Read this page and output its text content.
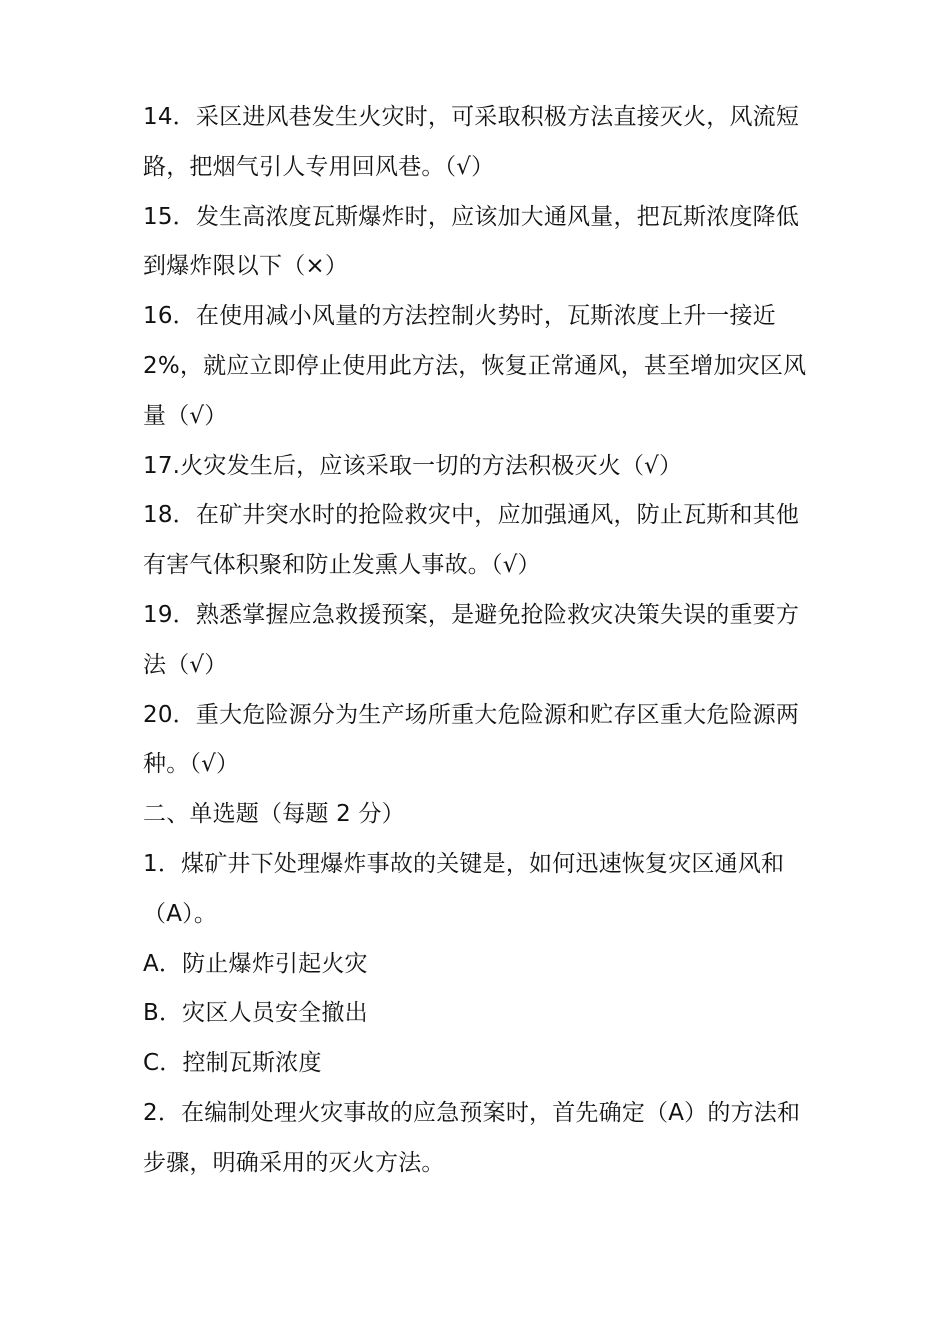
14．采区进风巷发生火灾时，可采取积极方法直接灭火，风流短路，把烟气引人专用回风巷。（√）

15．发生高浓度瓦斯爆炸时，应该加大通风量，把瓦斯浓度降低到爆炸限以下（×）

16．在使用减小风量的方法控制火势时，瓦斯浓度上升一接近 2%，就应立即停止使用此方法，恢复正常通风，甚至增加灾区风量（√）

17.火灾发生后，应该采取一切的方法积极灭火（√）

18．在矿井突水时的抢险救灾中，应加强通风，防止瓦斯和其他有害气体积聚和防止发熏人事故。（√）

19．熟悉掌握应急救援预案，是避免抢险救灾决策失误的重要方法（√）

20．重大危险源分为生产场所重大危险源和贮存区重大危险源两种。（√）

二、单选题（每题 2 分）

1．煤矿井下处理爆炸事故的关键是，如何迅速恢复灾区通风和（A）。

A．防止爆炸引起火灾

B．灾区人员安全撤出

C．控制瓦斯浓度

2．在编制处理火灾事故的应急预案时，首先确定（A）的方法和步骤，明确采用的灭火方法。
